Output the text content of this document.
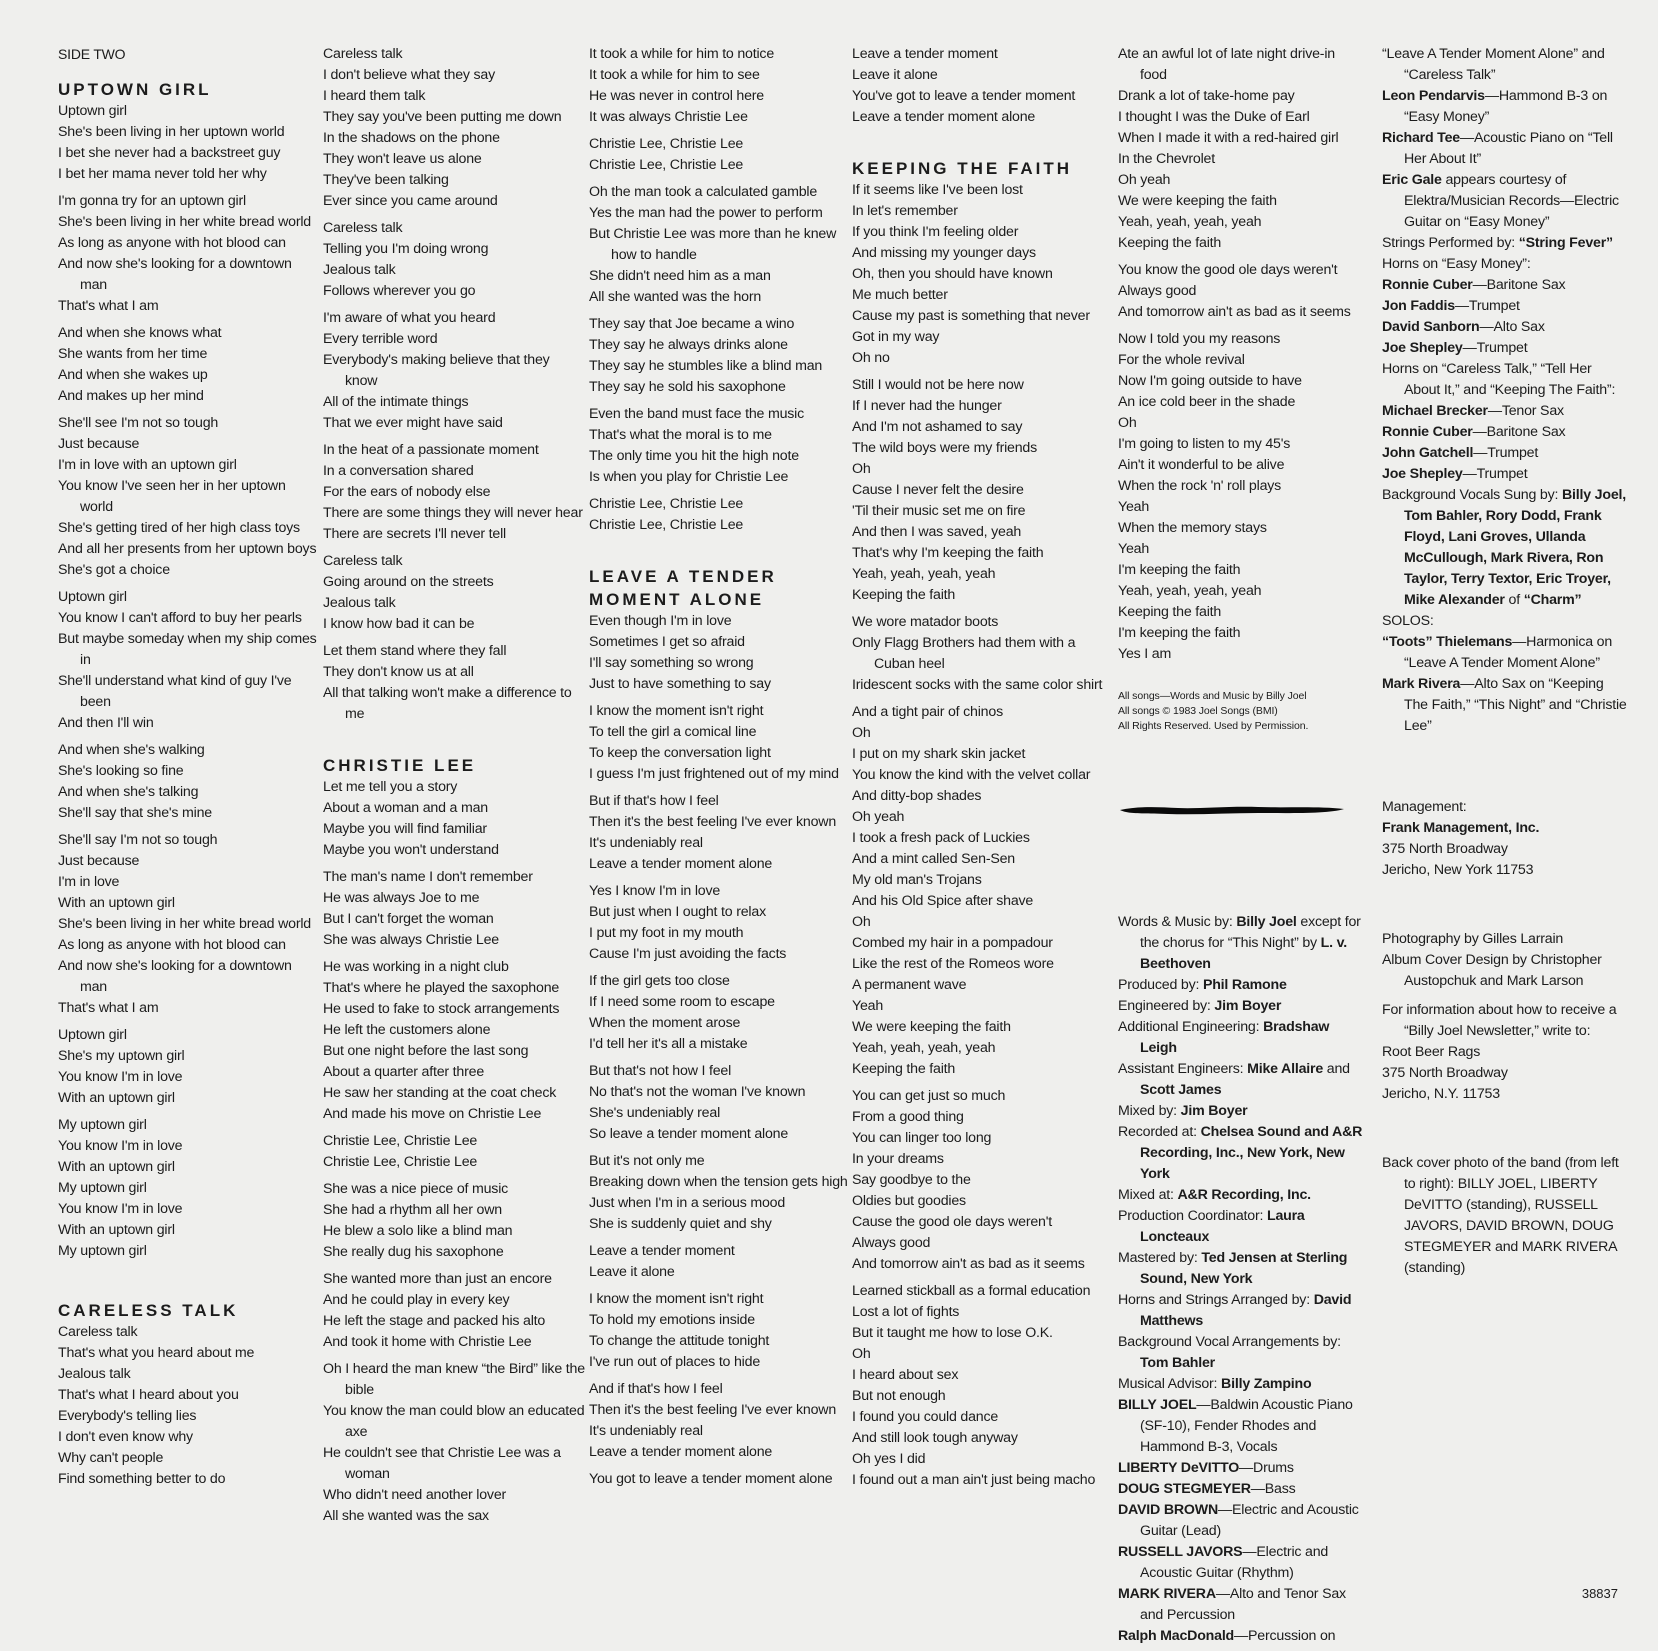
SIDE TWO
UPTOWN GIRL
Uptown girl
She's been living in her uptown world
I bet she never had a backstreet guy
I bet her mama never told her why
I'm gonna try for an uptown girl
She's been living in her white bread world
As long as anyone with hot blood can
And now she's looking for a downtown man
That's what I am
And when she knows what
She wants from her time
And when she wakes up
And makes up her mind
She'll see I'm not so tough
Just because
I'm in love with an uptown girl
You know I've seen her in her uptown world
She's getting tired of her high class toys
And all her presents from her uptown boys
She's got a choice
Uptown girl
You know I can't afford to buy her pearls
But maybe someday when my ship comes in
She'll understand what kind of guy I've been
And then I'll win
And when she's walking
She's looking so fine
And when she's talking
She'll say that she's mine
She'll say I'm not so tough
Just because
I'm in love
With an uptown girl
She's been living in her white bread world
As long as anyone with hot blood can
And now she's looking for a downtown man
That's what I am
Uptown girl
She's my uptown girl
You know I'm in love
With an uptown girl
My uptown girl
You know I'm in love
With an uptown girl
My uptown girl
You know I'm in love
With an uptown girl
My uptown girl
CARELESS TALK
Careless talk
That's what you heard about me
Jealous talk
That's what I heard about you
Everybody's telling lies
I don't even know why
Why can't people
Find something better to do
Careless talk
I don't believe what they say
I heard them talk
They say you've been putting me down
In the shadows on the phone
They won't leave us alone
They've been talking
Ever since you came around
Careless talk
Telling you I'm doing wrong
Jealous talk
Follows wherever you go
I'm aware of what you heard
Every terrible word
Everybody's making believe that they know
All of the intimate things
That we ever might have said
In the heat of a passionate moment
In a conversation shared
For the ears of nobody else
There are some things they will never hear
There are secrets I'll never tell
Careless talk
Going around on the streets
Jealous talk
I know how bad it can be
Let them stand where they fall
They don't know us at all
All that talking won't make a difference to me
CHRISTIE LEE
Let me tell you a story
About a woman and a man
Maybe you will find familiar
Maybe you won't understand
The man's name I don't remember
He was always Joe to me
But I can't forget the woman
She was always Christie Lee
He was working in a night club
That's where he played the saxophone
He used to fake to stock arrangements
He left the customers alone
But one night before the last song
About a quarter after three
He saw her standing at the coat check
And made his move on Christie Lee
Christie Lee, Christie Lee
Christie Lee, Christie Lee
She was a nice piece of music
She had a rhythm all her own
He blew a solo like a blind man
She really dug his saxophone
She wanted more than just an encore
And he could play in every key
He left the stage and packed his alto
And took it home with Christie Lee
Oh I heard the man knew “the Bird” like the bible
You know the man could blow an educated axe
He couldn't see that Christie Lee was a woman
Who didn't need another lover
All she wanted was the sax
It took a while for him to notice
It took a while for him to see
He was never in control here
It was always Christie Lee
Christie Lee, Christie Lee
Christie Lee, Christie Lee
Oh the man took a calculated gamble
Yes the man had the power to perform
But Christie Lee was more than he knew how to handle
She didn't need him as a man
All she wanted was the horn
They say that Joe became a wino
They say he always drinks alone
They say he stumbles like a blind man
They say he sold his saxophone
Even the band must face the music
That's what the moral is to me
The only time you hit the high note
Is when you play for Christie Lee
Christie Lee, Christie Lee
Christie Lee, Christie Lee
LEAVE A TENDER
MOMENT ALONE
Even though I'm in love
Sometimes I get so afraid
I'll say something so wrong
Just to have something to say
I know the moment isn't right
To tell the girl a comical line
To keep the conversation light
I guess I'm just frightened out of my mind
But if that's how I feel
Then it's the best feeling I've ever known
It's undeniably real
Leave a tender moment alone
Yes I know I'm in love
But just when I ought to relax
I put my foot in my mouth
Cause I'm just avoiding the facts
If the girl gets too close
If I need some room to escape
When the moment arose
I'd tell her it's all a mistake
But that's not how I feel
No that's not the woman I've known
She's undeniably real
So leave a tender moment alone
But it's not only me
Breaking down when the tension gets high
Just when I'm in a serious mood
She is suddenly quiet and shy
Leave a tender moment
Leave it alone
I know the moment isn't right
To hold my emotions inside
To change the attitude tonight
I've run out of places to hide
And if that's how I feel
Then it's the best feeling I've ever known
It's undeniably real
Leave a tender moment alone
You got to leave a tender moment alone
Leave a tender moment
Leave it alone
You've got to leave a tender moment
Leave a tender moment alone
KEEPING THE FAITH
If it seems like I've been lost
In let's remember
If you think I'm feeling older
And missing my younger days
Oh, then you should have known
Me much better
Cause my past is something that never
Got in my way
Oh no
Still I would not be here now
If I never had the hunger
And I'm not ashamed to say
The wild boys were my friends
Oh
Cause I never felt the desire
'Til their music set me on fire
And then I was saved, yeah
That's why I'm keeping the faith
Yeah, yeah, yeah, yeah
Keeping the faith
We wore matador boots
Only Flagg Brothers had them with a Cuban heel
Iridescent socks with the same color shirt
And a tight pair of chinos
Oh
I put on my shark skin jacket
You know the kind with the velvet collar
And ditty-bop shades
Oh yeah
I took a fresh pack of Luckies
And a mint called Sen-Sen
My old man's Trojans
And his Old Spice after shave
Oh
Combed my hair in a pompadour
Like the rest of the Romeos wore
A permanent wave
Yeah
We were keeping the faith
Yeah, yeah, yeah, yeah
Keeping the faith
You can get just so much
From a good thing
You can linger too long
In your dreams
Say goodbye to the
Oldies but goodies
Cause the good ole days weren't
Always good
And tomorrow ain't as bad as it seems
Learned stickball as a formal education
Lost a lot of fights
But it taught me how to lose O.K.
Oh
I heard about sex
But not enough
I found you could dance
And still look tough anyway
Oh yes I did
I found out a man ain't just being macho
Ate an awful lot of late night drive-in food
Drank a lot of take-home pay
I thought I was the Duke of Earl
When I made it with a red-haired girl
In the Chevrolet
Oh yeah
We were keeping the faith
Yeah, yeah, yeah, yeah
Keeping the faith
You know the good ole days weren't
Always good
And tomorrow ain't as bad as it seems
Now I told you my reasons
For the whole revival
Now I'm going outside to have
An ice cold beer in the shade
Oh
I'm going to listen to my 45's
Ain't it wonderful to be alive
When the rock 'n' roll plays
Yeah
When the memory stays
Yeah
I'm keeping the faith
Yeah, yeah, yeah, yeah
Keeping the faith
I'm keeping the faith
Yes I am
All songs—Words and Music by Billy Joel
All songs © 1983 Joel Songs (BMI)
All Rights Reserved. Used by Permission.
Words & Music by: Billy Joel except for the chorus for “This Night” by L. v. Beethoven
Produced by: Phil Ramone
Engineered by: Jim Boyer
Additional Engineering: Bradshaw Leigh
Assistant Engineers: Mike Allaire and Scott James
Mixed by: Jim Boyer
Recorded at: Chelsea Sound and A&R Recording, Inc., New York, New York
Mixed at: A&R Recording, Inc.
Production Coordinator: Laura Loncteaux
Mastered by: Ted Jensen at Sterling Sound, New York
Horns and Strings Arranged by: David Matthews
Background Vocal Arrangements by: Tom Bahler
Musical Advisor: Billy Zampino
BILLY JOEL—Baldwin Acoustic Piano (SF-10), Fender Rhodes and Hammond B-3, Vocals
LIBERTY DeVITTO—Drums
DOUG STEGMEYER—Bass
DAVID BROWN—Electric and Acoustic Guitar (Lead)
RUSSELL JAVORS—Electric and Acoustic Guitar (Rhythm)
MARK RIVERA—Alto and Tenor Sax and Percussion
Ralph MacDonald—Percussion on
“Leave A Tender Moment Alone” and “Careless Talk”
Leon Pendarvis—Hammond B-3 on “Easy Money”
Richard Tee—Acoustic Piano on “Tell Her About It”
Eric Gale appears courtesy of Elektra/Musician Records—Electric Guitar on “Easy Money”
Strings Performed by: “String Fever”
Horns on “Easy Money”:
Ronnie Cuber—Baritone Sax
Jon Faddis—Trumpet
David Sanborn—Alto Sax
Joe Shepley—Trumpet
Horns on “Careless Talk,” “Tell Her About It,” and “Keeping The Faith”:
Michael Brecker—Tenor Sax
Ronnie Cuber—Baritone Sax
John Gatchell—Trumpet
Joe Shepley—Trumpet
Background Vocals Sung by: Billy Joel, Tom Bahler, Rory Dodd, Frank Floyd, Lani Groves, Ullanda McCullough, Mark Rivera, Ron Taylor, Terry Textor, Eric Troyer, Mike Alexander of “Charm”
SOLOS:
“Toots” Thielemans—Harmonica on “Leave A Tender Moment Alone”
Mark Rivera—Alto Sax on “Keeping The Faith,” “This Night” and “Christie Lee”
Management:
Frank Management, Inc.
375 North Broadway
Jericho, New York 11753
Photography by Gilles Larrain
Album Cover Design by Christopher Austopchuk and Mark Larson
For information about how to receive a “Billy Joel Newsletter,” write to:
Root Beer Rags
375 North Broadway
Jericho, N.Y. 11753
Back cover photo of the band (from left to right): BILLY JOEL, LIBERTY DeVITTO (standing), RUSSELL JAVORS, DAVID BROWN, DOUG STEGMEYER and MARK RIVERA (standing)
38837
